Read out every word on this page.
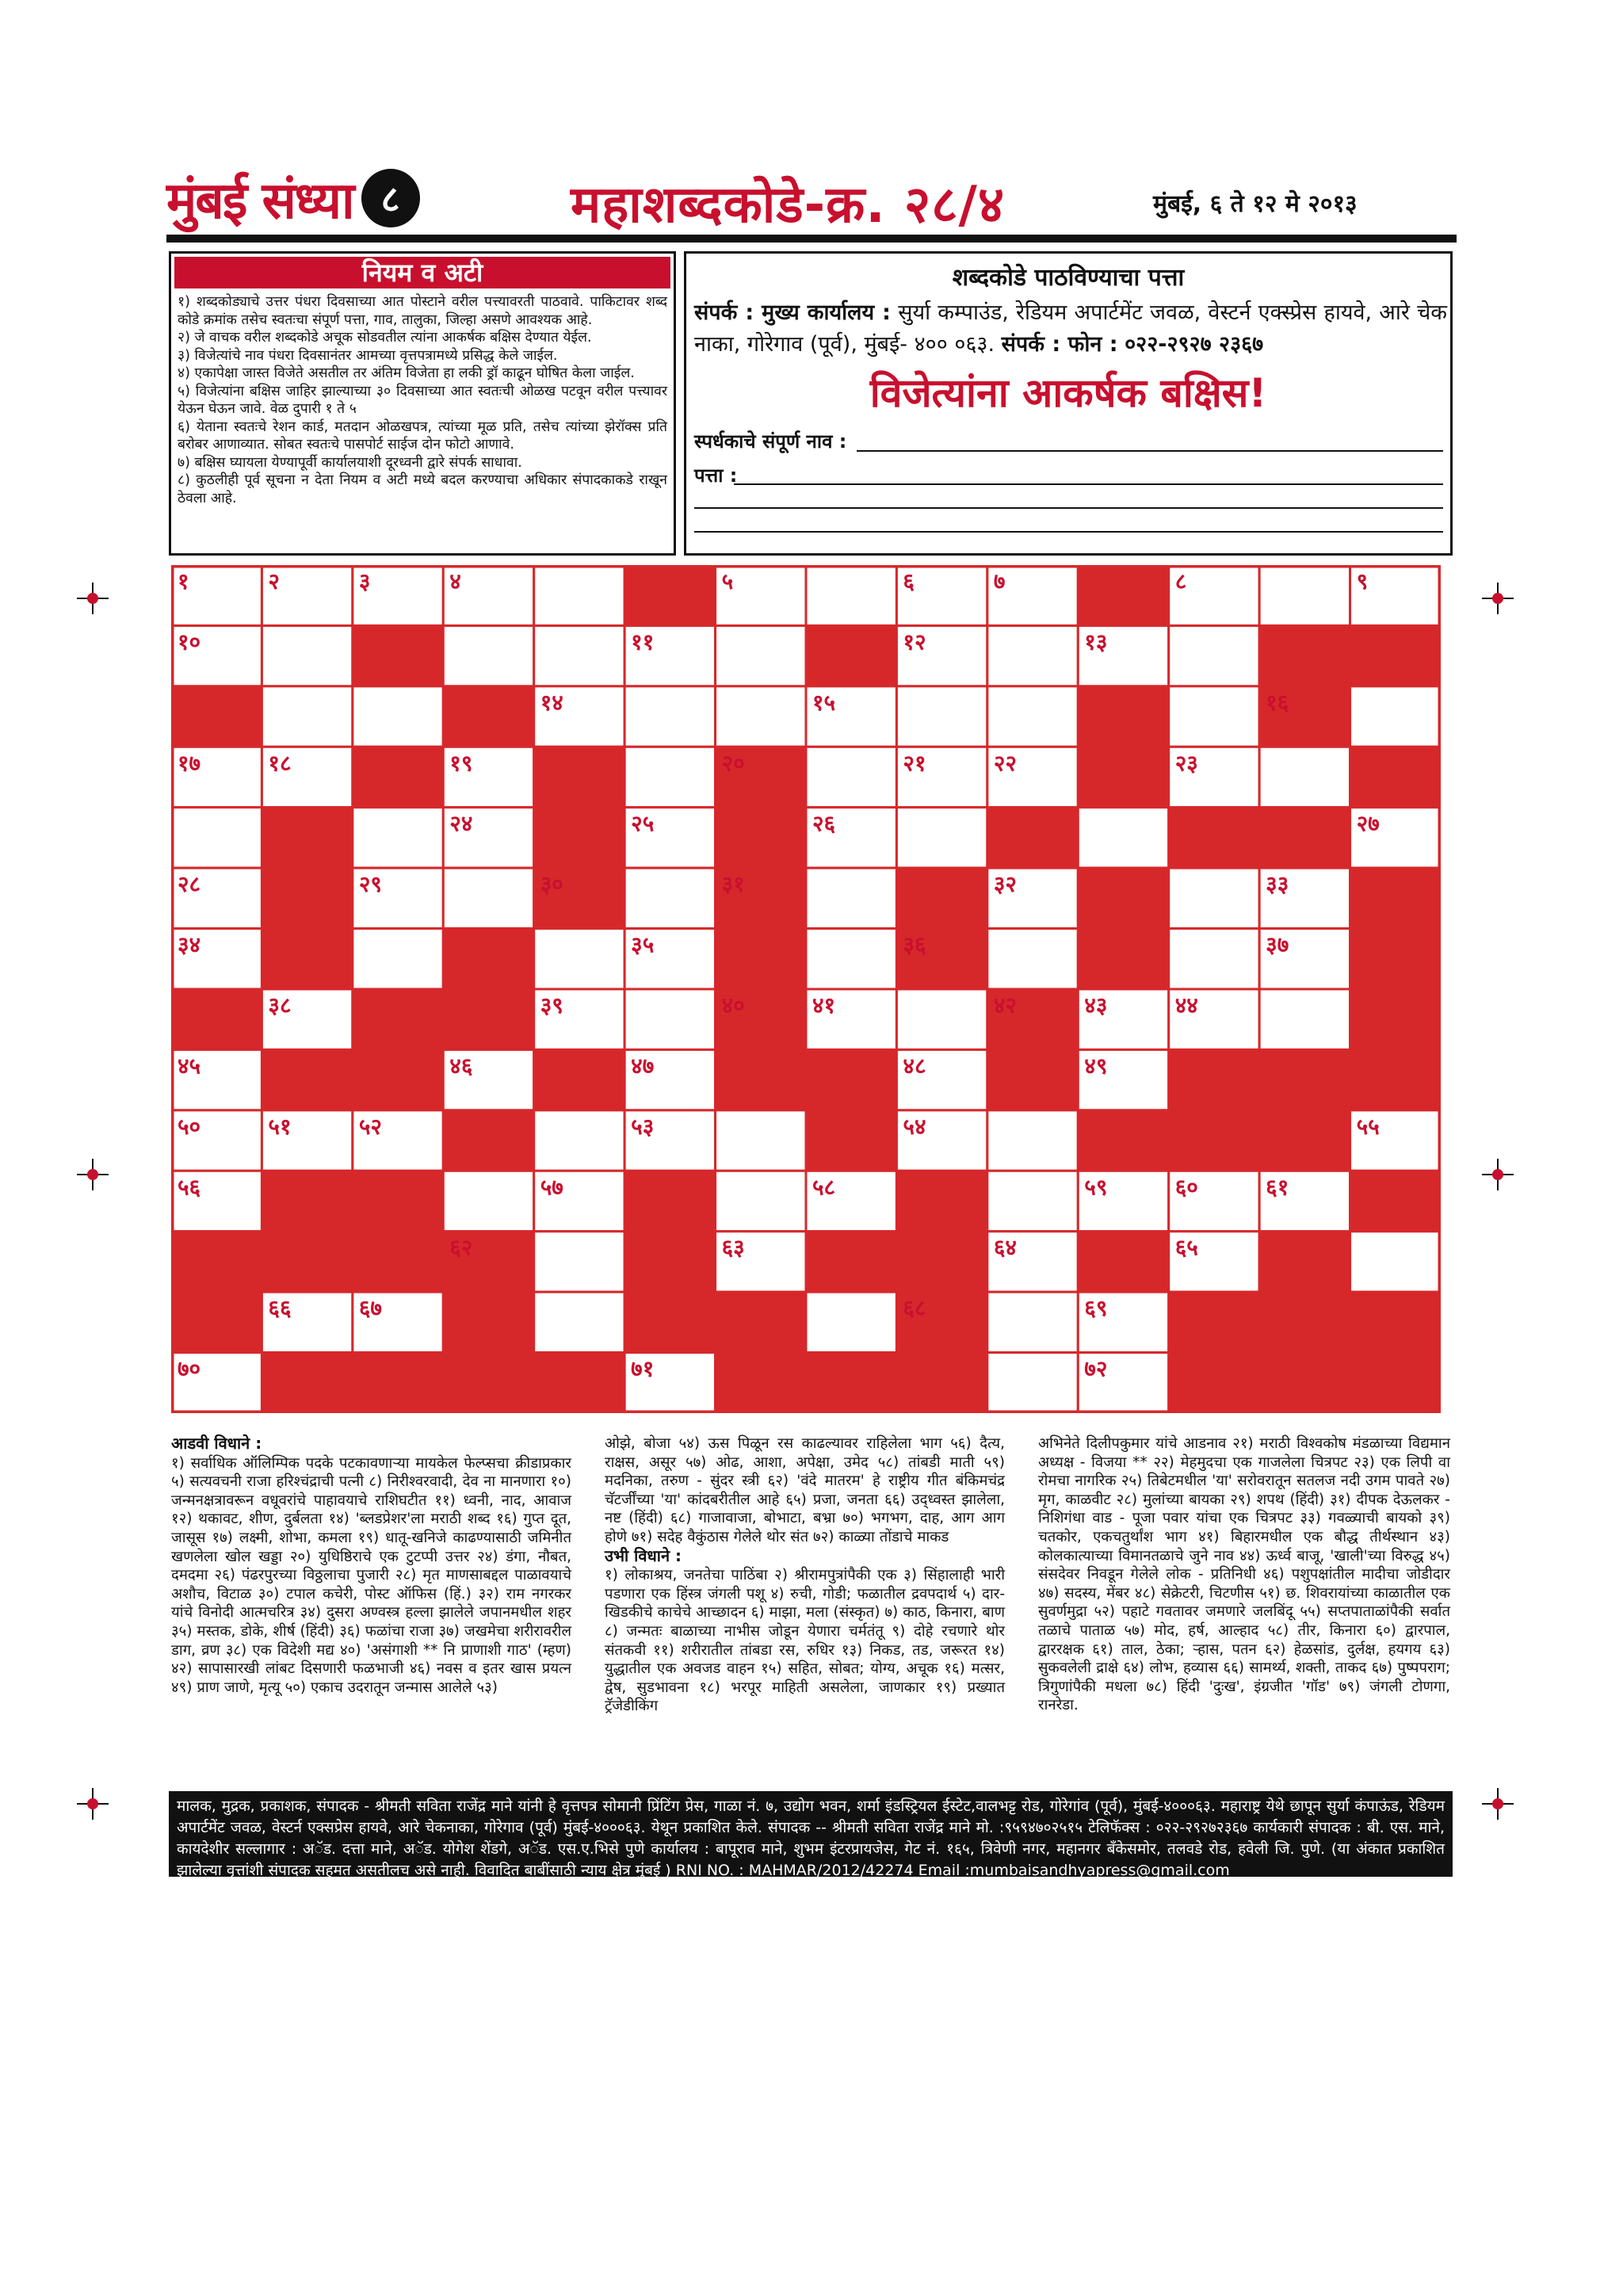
मुंबई संध्या ८	महाशब्दकोडे-क्र. २८/४	मुंबई, ६ ते १२ मे २०१३
नियम व अटी
१) शब्दकोड्याचे उत्तर पंधरा दिवसाच्या आत पोस्टाने वरील पत्त्यावरती पाठवावे. पाकिटावर शब्द कोडे क्रमांक तसेच स्वतःचा संपूर्ण पत्ता, गाव, तालुका, जिल्हा असणे आवश्यक आहे.
२) जे वाचक वरील शब्दकोडे अचूक सोडवतील त्यांना आकर्षक बक्षिस देण्यात येईल.
३) विजेत्यांचे नाव पंधरा दिवसानंतर आमच्या वृत्तपत्रामध्ये प्रसिद्ध केले जाईल.
४) एकापेक्षा जास्त विजेते असतील तर अंतिम विजेता हा लकी ड्रॉ काढून घोषित केला जाईल.
५) विजेत्यांना बक्षिस जाहिर झाल्याच्या ३० दिवसाच्या आत स्वतःची ओळख पटवून वरील पत्त्यावर येऊन घेऊन जावे. वेळ दुपारी १ ते ५
६) येताना स्वतःचे रेशन कार्ड, मतदान ओळखपत्र, त्यांच्या मूळ प्रति, तसेच त्यांच्या झेरॉक्स प्रति बरोबर आणाव्यात. सोबत स्वतःचे पासपोर्ट साईज दोन फोटो आणावे.
७) बक्षिस घ्यायला येण्यापूर्वी कार्यालयाशी दूरध्वनी द्वारे संपर्क साधावा.
८) कुठलीही पूर्व सूचना न देता नियम व अटी मध्ये बदल करण्याचा अधिकार संपादकाकडे राखून ठेवला आहे.
शब्दकोडे पाठविण्याचा पत्ता
संपर्क : मुख्य कार्यालय : सुर्या कम्पाउंड, रेडियम अपार्टमेंट जवळ, वेस्टर्न एक्स्प्रेस हायवे, आरे चेक नाका, गोरेगाव (पूर्व), मुंबई- ४०० ०६३. संपर्क : फोन : ०२२-२९२७ २३६७
विजेत्यांना आकर्षक बक्षिस!
स्पर्धकाचे संपूर्ण नाव :
पत्ता :
१	२	३	४	५	६	७	८	९
१०	११	१२	१३
१४	१५	१६
१७	१८	१९	२०	२१	२२	२३
२४	२५	२६	२७
२८	२९	३०	३१	३२	३३
३४	३५	३६	३७
३८	३९	४०	४१	४२	४३	४४
४५	४६	४७	४८	४९
५०	५१	५२	५३	५४	५५
५६	५७	५८	५९	६०	६१
६२	६३	६४	६५
६६	६७	६८	६९
७०	७१	७२
आडवी विधाने :
१) सर्वाधिक ऑलिम्पिक पदके पटकावणाऱ्या मायकेल फेल्प्सचा क्रीडाप्रकार ५) सत्यवचनी राजा हरिश्चंद्राची पत्नी ८) निरीश्वरवादी, देव ना मानणारा १०) जन्मनक्षत्रावरून वधूवरांचे पाहावयाचे राशिघटीत ११) ध्वनी, नाद, आवाज १२) थकावट, शीण, दुर्बलता १४) 'ब्लडप्रेशर'ला मराठी शब्द १६) गुप्त दूत, जासूस १७) लक्ष्मी, शोभा, कमला १९) धातू-खनिजे काढण्यासाठी जमिनीत खणलेला खोल खड्डा २०) युधिष्ठिराचे एक टुटप्पी उत्तर २४) डंगा, नौबत, दमदमा २६) पंढरपुरच्या विठ्ठलाचा पुजारी २८) मृत माणसाबद्दल पाळावयाचे अशौच, विटाळ ३०) टपाल कचेरी, पोस्ट ऑफिस (हिं.) ३२) राम नगरकर यांचे विनोदी आत्मचरित्र ३४) दुसरा अण्वस्त्र हल्ला झालेले जपानमधील शहर ३५) मस्तक, डोके, शीर्ष (हिंदी) ३६) फळांचा राजा ३७) जखमेचा शरीरावरील डाग, व्रण ३८) एक विदेशी मद्य ४०) 'असंगाशी ** नि प्राणाशी गाठ' (म्हण) ४२) सापासारखी लांबट दिसणारी फळभाजी ४६) नवस व इतर खास प्रयत्न ४९) प्राण जाणे, मृत्यू ५०) एकाच उदरातून जन्मास आलेले ५३)
ओझे, बोजा ५४) ऊस पिळून रस काढल्यावर राहिलेला भाग ५६) दैत्य, राक्षस, असूर ५७) ओढ, आशा, अपेक्षा, उमेद ५८) तांबडी माती ५९) मदनिका, तरुण - सुंदर स्त्री ६२) 'वंदे मातरम' हे राष्ट्रीय गीत बंकिमचंद्र चॅटर्जींच्या 'या' कांदबरीतील आहे ६५) प्रजा, जनता ६६) उद्ध्वस्त झालेला, नष्ट (हिंदी) ६८) गाजावाजा, बोभाटा, बभ्रा ७०) भगभग, दाह, आग आग होणे ७१) सदेह वैकुंठास गेलेले थोर संत ७२) काळ्या तोंडाचे माकड
उभी विधाने :
१) लोकाश्रय, जनतेचा पाठिंबा २) श्रीरामपुत्रांपैकी एक ३) सिंहालाही भारी पडणारा एक हिंस्त्र जंगली पशू ४) रुची, गोडी; फळातील द्रवपदार्थ ५) दार-खिडकीचे काचेचे आच्छादन ६) माझा, मला (संस्कृत) ७) काठ, किनारा, बाण ८) जन्मतः बाळाच्या नाभीस जोडून येणारा चर्मतंतू ९) दोहे रचणारे थोर संतकवी ११) शरीरातील तांबडा रस, रुधिर १३) निकड, तड, जरूरत १४) युद्धातील एक अवजड वाहन १५) सहित, सोबत; योग्य, अचूक १६) मत्सर, द्वेष, सुडभावना १८) भरपूर माहिती असलेला, जाणकार १९) प्रख्यात ट्रॅजेडीकिंग
अभिनेते दिलीपकुमार यांचे आडनाव २१) मराठी विश्वकोष मंडळाच्या विद्यमान अध्यक्ष - विजया ** २२) मेहमुदचा एक गाजलेला चित्रपट २३) एक लिपी वा रोमचा नागरिक २५) तिबेटमधील 'या' सरोवरातून सतलज नदी उगम पावते २७) मृग, काळवीट २८) मुलांच्या बायका २९) शपथ (हिंदी) ३१) दीपक देऊलकर - निशिगंधा वाड - पूजा पवार यांचा एक चित्रपट ३३) गवळ्याची बायको ३९) चतकोर, एकचतुर्थांश भाग ४१) बिहारमधील एक बौद्ध तीर्थस्थान ४३) कोलकात्याच्या विमानतळाचे जुने नाव ४४) ऊर्ध्व बाजू, 'खाली'च्या विरुद्ध ४५) संसदेवर निवडून गेलेले लोक - प्रतिनिधी ४६) पशुपक्षांतील मादीचा जोडीदार ४७) सदस्य, मेंबर ४८) सेक्रेटरी, चिटणीस ५१) छ. शिवरायांच्या काळातील एक सुवर्णमुद्रा ५२) पहाटे गवतावर जमणारे जलबिंदू ५५) सप्तपाताळांपैकी सर्वात तळाचे पाताळ ५७) मोद, हर्ष, आल्हाद ५८) तीर, किनारा ६०) द्वारपाल, द्वाररक्षक ६१) ताल, ठेका; ऱ्हास, पतन ६२) हेळसांड, दुर्लक्ष, हयगय ६३) सुकवलेली द्राक्षे ६४) लोभ, हव्यास ६६) सामर्थ्य, शक्ती, ताकद ६७) पुष्पपराग; त्रिगुणांपैकी मधला ७८) हिंदी 'दुःख', इंग्रजीत 'गॉड' ७९) जंगली टोणगा, रानरेडा.
मालक, मुद्रक, प्रकाशक, संपादक - श्रीमती सविता राजेंद्र माने यांनी हे वृत्तपत्र सोमानी प्रिंटिंग प्रेस, गाळा नं. ७, उद्योग भवन, शर्मा इंडस्ट्रियल ईस्टेट,वालभट्ट रोड, गोरेगांव (पूर्व), मुंबई-४०००६३. महाराष्ट्र येथे छापून सुर्या कंपाऊंड, रेडियम अपार्टमेंट जवळ, वेस्टर्न एक्सप्रेस हायवे, आरे चेकनाका, गोरेगाव (पूर्व) मुंबई-४०००६३. येथून प्रकाशित केले. संपादक -- श्रीमती सविता राजेंद्र माने मो. :९५९४७०२५१५ टेलिफॅक्स : ०२२-२९२७२३६७ कार्यकारी संपादक : बी. एस. माने, कायदेशीर सल्लागार : अॅड. दत्ता माने, अॅड. योगेश शेंडगे, अॅड. एस.ए.भिसे पुणे कार्यालय : बापूराव माने, शुभम इंटरप्रायजेस, गेट नं. १६५, त्रिवेणी नगर, महानगर बँकेसमोर, तलवडे रोड, हवेली जि. पुणे. (या अंकात प्रकाशित झालेल्या वृत्तांशी संपादक सहमत असतीलच असे नाही. विवादित बाबींसाठी न्याय क्षेत्र मुंबई ) RNI NO. : MAHMAR/2012/42274 Email :mumbaisandhyapress@gmail.com
